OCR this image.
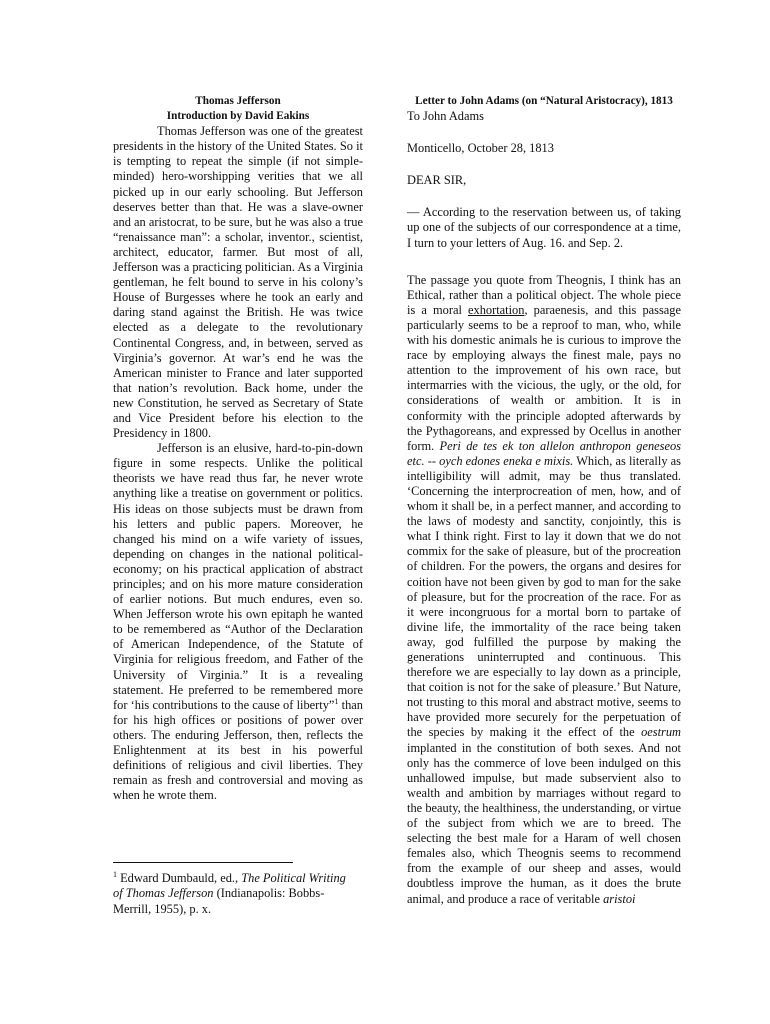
Thomas Jefferson

Introduction by David Eakins

Thomas Jefferson was one of the greatest presidents in the history of the United States. So it is tempting to repeat the simple (if not simple-minded) hero-worshipping verities that we all picked up in our early schooling. But Jefferson deserves better than that. He was a slave-owner and an aristocrat, to be sure, but he was also a true “renaissance man”: a scholar, inventor., scientist, architect, educator, farmer. But most of all, Jefferson was a practicing politician. As a Virginia gentleman, he felt bound to serve in his colony’s House of Burgesses where he took an early and daring stand against the British. He was twice elected as a delegate to the revolutionary Continental Congress, and, in between, served as Virginia’s governor. At war’s end he was the American minister to France and later supported that nation’s revolution. Back home, under the new Constitution, he served as Secretary of State and Vice President before his election to the Presidency in 1800.

Jefferson is an elusive, hard-to-pin-down figure in some respects. Unlike the political theorists we have read thus far, he never wrote anything like a treatise on government or politics. His ideas on those subjects must be drawn from his letters and public papers. Moreover, he changed his mind on a wife variety of issues, depending on changes in the national political-economy; on his practical application of abstract principles; and on his more mature consideration of earlier notions. But much endures, even so. When Jefferson wrote his own epitaph he wanted to be remembered as “Author of the Declaration of American Independence, of the Statute of Virginia for religious freedom, and Father of the University of Virginia.” It is a revealing statement. He preferred to be remembered more for ‘his contributions to the cause of liberty”$^1$ than for his high offices or positions of power over others. The enduring Jefferson, then, reflects the Enlightenment at its best in his powerful definitions of religious and civil liberties. They remain as fresh and controversial and moving as when he wrote them.

$^1$ Edward Dumbauld, ed., The Political Writing of Thomas Jefferson (Indianapolis: Bobbs-Merrill, 1955), p. x.

Letter to John Adams (on “Natural Aristocracy), 1813

To John Adams

Monticello, October 28, 1813

DEAR SIR,

— According to the reservation between us, of taking up one of the subjects of our correspondence at a time, I turn to your letters of Aug. 16. and Sep. 2.

The passage you quote from Theognis, I think has an Ethical, rather than a political object. The whole piece is a moral exhortation, paraenesis, and this passage particularly seems to be a reproof to man, who, while with his domestic animals he is curious to improve the race by employing always the finest male, pays no attention to the improvement of his own race, but intermarries with the vicious, the ugly, or the old, for considerations of wealth or ambition. It is in conformity with the principle adopted afterwards by the Pythagoreans, and expressed by Ocellus in another form. Peri de tes ek ton allelon anthropon geneseos etc. -- oych edones eneka e mixis. Which, as literally as intelligibility will admit, may be thus translated. ‘Concerning the interprocreation of men, how, and of whom it shall be, in a perfect manner, and according to the laws of modesty and sanctity, conjointly, this is what I think right. First to lay it down that we do not commix for the sake of pleasure, but of the procreation of children. For the powers, the organs and desires for coition have not been given by god to man for the sake of pleasure, but for the procreation of the race. For as it were incongruous for a mortal born to partake of divine life, the immortality of the race being taken away, god fulfilled the purpose by making the generations uninterrupted and continuous. This therefore we are especially to lay down as a principle, that coition is not for the sake of pleasure.’ But Nature, not trusting to this moral and abstract motive, seems to have provided more securely for the perpetuation of the species by making it the effect of the oestrum implanted in the constitution of both sexes. And not only has the commerce of love been indulged on this unhallowed impulse, but made subservient also to wealth and ambition by marriages without regard to the beauty, the healthiness, the understanding, or virtue of the subject from which we are to breed. The selecting the best male for a Haram of well chosen females also, which Theognis seems to recommend from the example of our sheep and asses, would doubtless improve the human, as it does the brute animal, and produce a race of veritable aristoi
